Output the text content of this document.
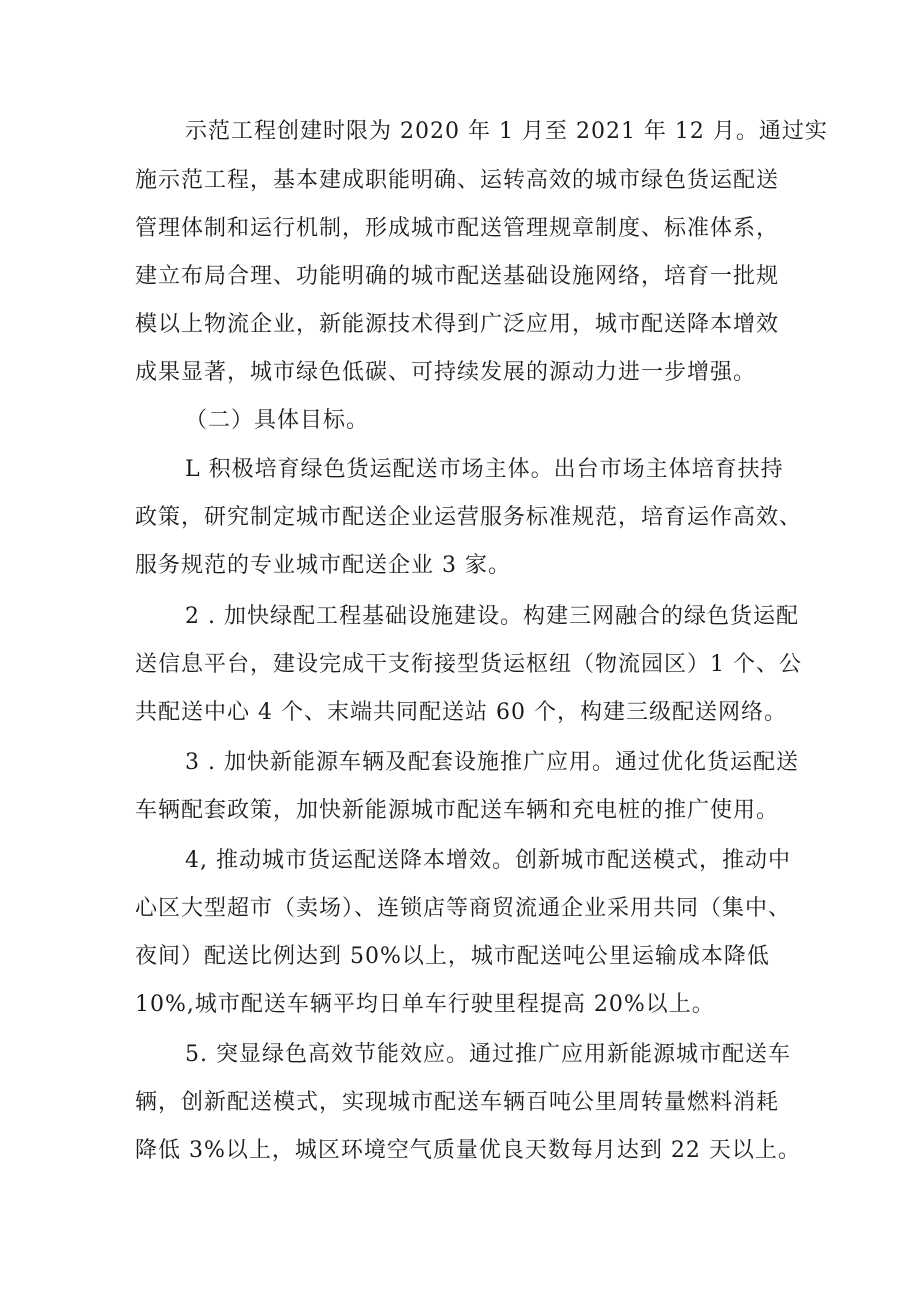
示范工程创建时限为 2020 年 1 月至 2021 年 12 月。通过实
施示范工程，基本建成职能明确、运转高效的城市绿色货运配送
管理体制和运行机制，形成城市配送管理规章制度、标准体系，
建立布局合理、功能明确的城市配送基础设施网络，培育一批规
模以上物流企业，新能源技术得到广泛应用，城市配送降本增效
成果显著，城市绿色低碳、可持续发展的源动力进一步增强。
（二）具体目标。
L 积极培育绿色货运配送市场主体。出台市场主体培育扶持
政策，研究制定城市配送企业运营服务标准规范，培育运作高效、
服务规范的专业城市配送企业 3 家。
2 . 加快绿配工程基础设施建设。构建三网融合的绿色货运配
送信息平台，建设完成干支衔接型货运枢纽（物流园区）1 个、公
共配送中心 4 个、末端共同配送站 60 个，构建三级配送网络。
3 . 加快新能源车辆及配套设施推广应用。通过优化货运配送
车辆配套政策，加快新能源城市配送车辆和充电桩的推广使用。
4, 推动城市货运配送降本增效。创新城市配送模式，推动中
心区大型超市（卖场）、连锁店等商贸流通企业采用共同（集中、
夜间）配送比例达到 50%以上，城市配送吨公里运输成本降低
10%,城市配送车辆平均日单车行驶里程提高 20%以上。
5. 突显绿色高效节能效应。通过推广应用新能源城市配送车
辆，创新配送模式，实现城市配送车辆百吨公里周转量燃料消耗
降低 3%以上，城区环境空气质量优良天数每月达到 22 天以上。
